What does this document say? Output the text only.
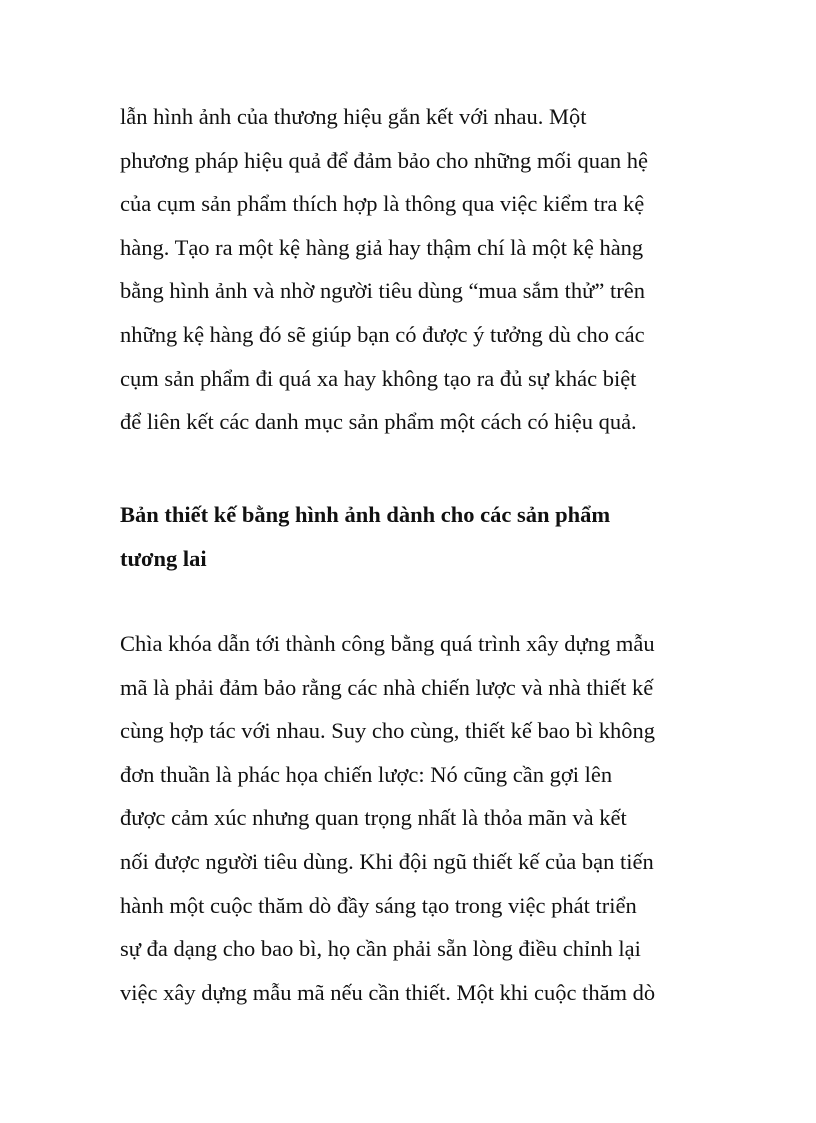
lẫn hình ảnh của thương hiệu gắn kết với nhau. Một
phương pháp hiệu quả để đảm bảo cho những mối quan hệ
của cụm sản phẩm thích hợp là thông qua việc kiểm tra kệ
hàng. Tạo ra một kệ hàng giả hay thậm chí là một kệ hàng
bằng hình ảnh và nhờ người tiêu dùng “mua sắm thử” trên
những kệ hàng đó sẽ giúp bạn có được ý tưởng dù cho các
cụm sản phẩm đi quá xa hay không tạo ra đủ sự khác biệt
để liên kết các danh mục sản phẩm một cách có hiệu quả.
Bản thiết kế bằng hình ảnh dành cho các sản phẩm
tương lai
Chìa khóa dẫn tới thành công bằng quá trình xây dựng mẫu
mã là phải đảm bảo rằng các nhà chiến lược và nhà thiết kế
cùng hợp tác với nhau. Suy cho cùng, thiết kế bao bì không
đơn thuần là phác họa chiến lược: Nó cũng cần gợi lên
được cảm xúc nhưng quan trọng nhất là thỏa mãn và kết
nối được người tiêu dùng. Khi đội ngũ thiết kế của bạn tiến
hành một cuộc thăm dò đầy sáng tạo trong việc phát triển
sự đa dạng cho bao bì, họ cần phải sẵn lòng điều chỉnh lại
việc xây dựng mẫu mã nếu cần thiết. Một khi cuộc thăm dò
